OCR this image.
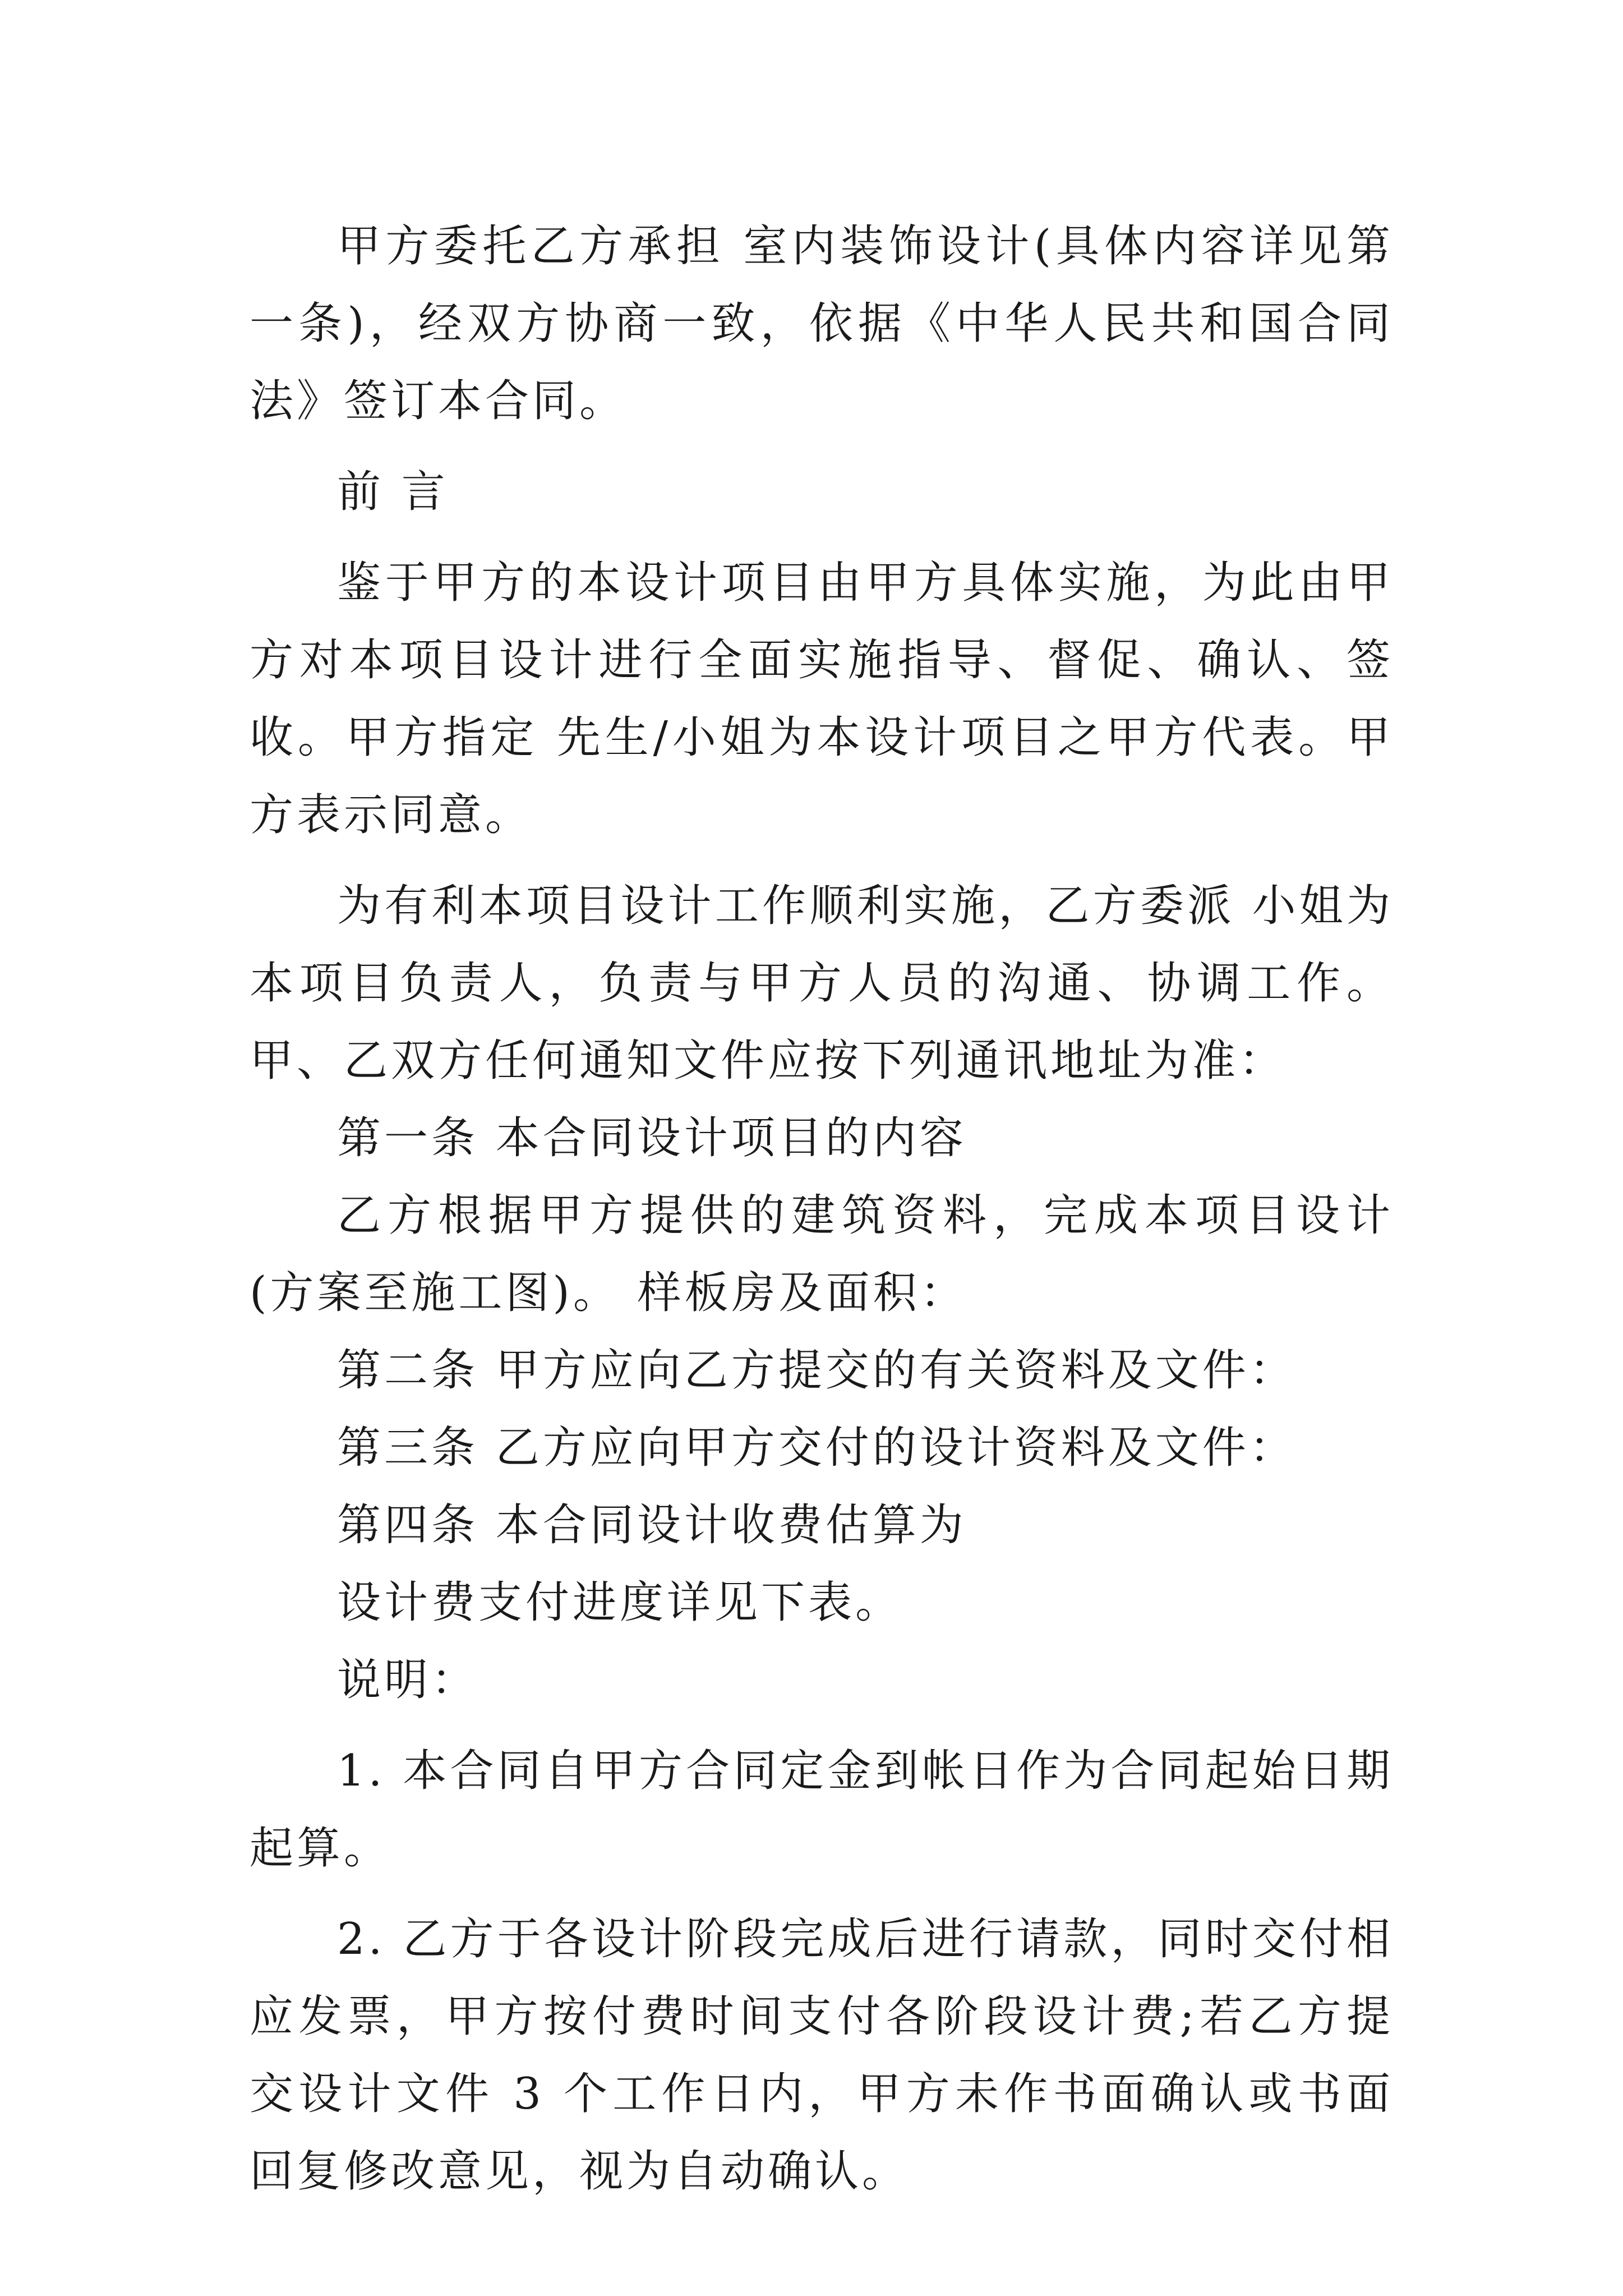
甲方委托乙方承担 室内装饰设计(具体内容详见第一条)，经双方协商一致，依据《中华人民共和国合同法》签订本合同。

前 言

鉴于甲方的本设计项目由甲方具体实施，为此由甲方对本项目设计进行全面实施指导、督促、确认、签收。甲方指定 先生/小姐为本设计项目之甲方代表。甲方表示同意。

为有利本项目设计工作顺利实施，乙方委派 小姐为本项目负责人，负责与甲方人员的沟通、协调工作。甲、乙双方任何通知文件应按下列通讯地址为准：

第一条 本合同设计项目的内容

乙方根据甲方提供的建筑资料，完成本项目设计(方案至施工图)。 样板房及面积：

第二条 甲方应向乙方提交的有关资料及文件：

第三条 乙方应向甲方交付的设计资料及文件：

第四条 本合同设计收费估算为

设计费支付进度详见下表。

说明：

1. 本合同自甲方合同定金到帐日作为合同起始日期起算。

2. 乙方于各设计阶段完成后进行请款，同时交付相应发票，甲方按付费时间支付各阶段设计费;若乙方提交设计文件 3 个工作日内，甲方未作书面确认或书面回复修改意见，视为自动确认。
